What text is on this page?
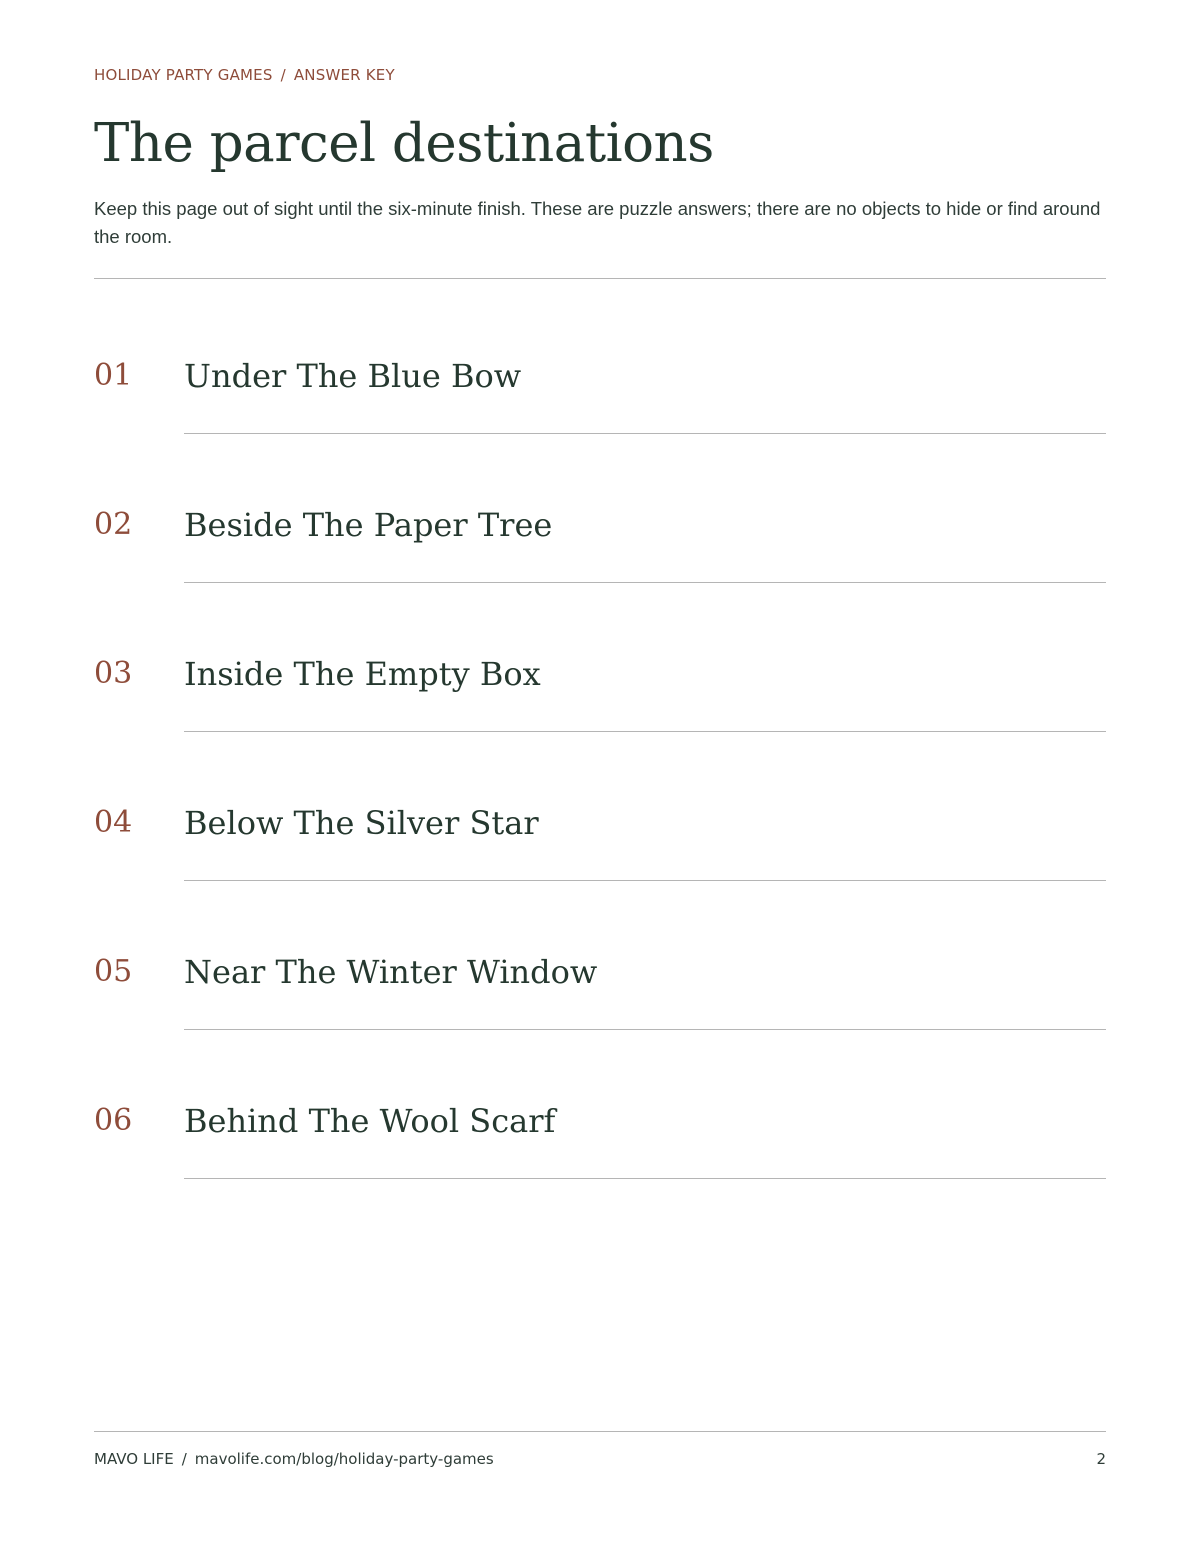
HOLIDAY PARTY GAMES / ANSWER KEY
The parcel destinations

Keep this page out of sight until the six-minute finish. These are puzzle answers; there are no objects to hide or find around the room.

01 Under The Blue Bow
02 Beside The Paper Tree
03 Inside The Empty Box
04 Below The Silver Star
05 Near The Winter Window
06 Behind The Wool Scarf
MAVO LIFE / mavolife.com/blog/holiday-party-games	2
